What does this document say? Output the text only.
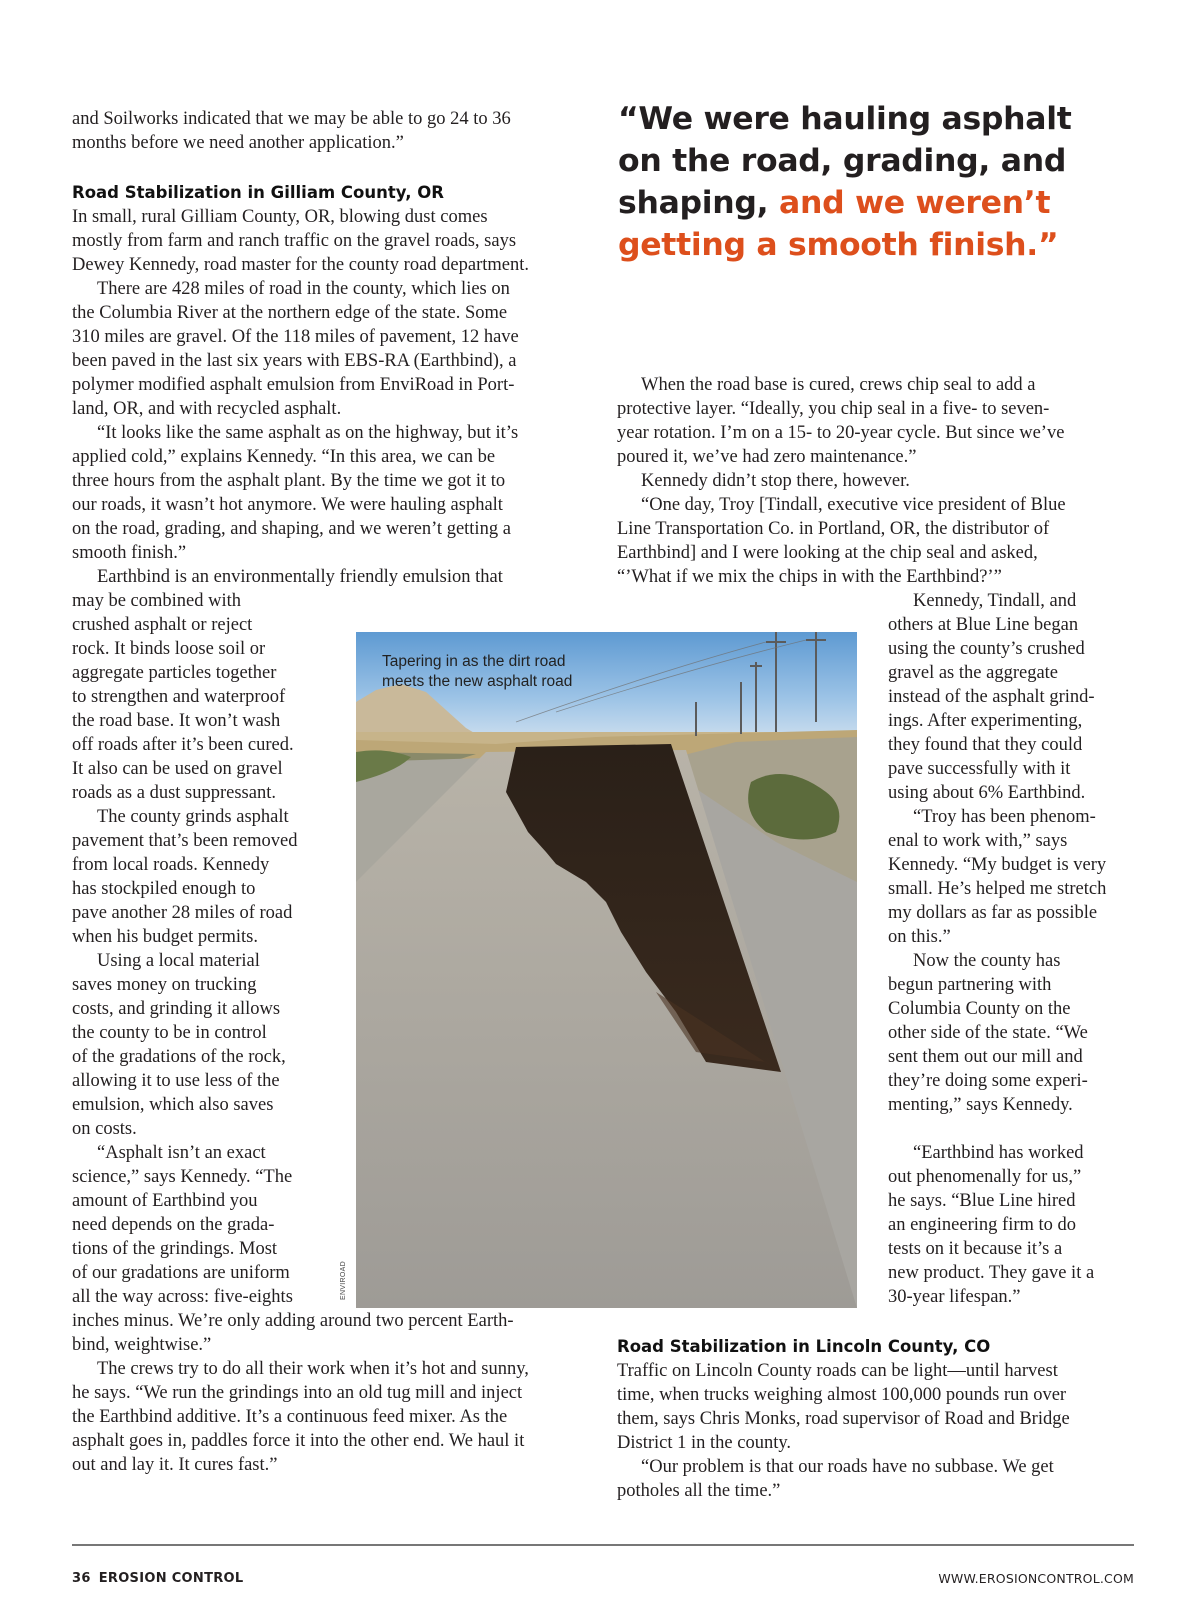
and Soilworks indicated that we may be able to go 24 to 36
months before we need another application.”
Road Stabilization in Gilliam County, OR
In small, rural Gilliam County, OR, blowing dust comes
mostly from farm and ranch traffic on the gravel roads, says
Dewey Kennedy, road master for the county road department.
There are 428 miles of road in the county, which lies on
the Columbia River at the northern edge of the state. Some
310 miles are gravel. Of the 118 miles of pavement, 12 have
been paved in the last six years with EBS-RA (Earthbind), a
polymer modified asphalt emulsion from EnviRoad in Port-
land, OR, and with recycled asphalt.
“It looks like the same asphalt as on the highway, but it’s
applied cold,” explains Kennedy. “In this area, we can be
three hours from the asphalt plant. By the time we got it to
our roads, it wasn’t hot anymore. We were hauling asphalt
on the road, grading, and shaping, and we weren’t getting a
smooth finish.”
Earthbind is an environmentally friendly emulsion that
may be combined with
crushed asphalt or reject
rock. It binds loose soil or
aggregate particles together
to strengthen and waterproof
the road base. It won’t wash
off roads after it’s been cured.
It also can be used on gravel
roads as a dust suppressant.
The county grinds asphalt
pavement that’s been removed
from local roads. Kennedy
has stockpiled enough to
pave another 28 miles of road
when his budget permits.
Using a local material
saves money on trucking
costs, and grinding it allows
the county to be in control
of the gradations of the rock,
allowing it to use less of the
emulsion, which also saves
on costs.
“Asphalt isn’t an exact
science,” says Kennedy. “The
amount of Earthbind you
need depends on the grada-
tions of the grindings. Most
of our gradations are uniform
all the way across: five-eights
inches minus. We’re only adding around two percent Earth-
bind, weightwise.”
The crews try to do all their work when it’s hot and sunny,
he says. “We run the grindings into an old tug mill and inject
the Earthbind additive. It’s a continuous feed mixer. As the
asphalt goes in, paddles force it into the other end. We haul it
out and lay it. It cures fast.”
“We were hauling asphalt
on the road, grading, and
shaping, and we weren’t
getting a smooth finish.”
When the road base is cured, crews chip seal to add a
protective layer. “Ideally, you chip seal in a five- to seven-
year rotation. I’m on a 15- to 20-year cycle. But since we’ve
poured it, we’ve had zero maintenance.”
Kennedy didn’t stop there, however.
“One day, Troy [Tindall, executive vice president of Blue
Line Transportation Co. in Portland, OR, the distributor of
Earthbind] and I were looking at the chip seal and asked,
“’What if we mix the chips in with the Earthbind?’”
Kennedy, Tindall, and
others at Blue Line began
using the county’s crushed
gravel as the aggregate
instead of the asphalt grind-
ings. After experimenting,
they found that they could
pave successfully with it
using about 6% Earthbind.
“Troy has been phenom-
enal to work with,” says
Kennedy. “My budget is very
small. He’s helped me stretch
my dollars as far as possible
on this.”
Now the county has
begun partnering with
Columbia County on the
other side of the state. “We
sent them out our mill and
they’re doing some experi-
menting,” says Kennedy.
“Earthbind has worked
out phenomenally for us,”
he says. “Blue Line hired
an engineering firm to do
tests on it because it’s a
new product. They gave it a
30-year lifespan.”
Road Stabilization in Lincoln County, CO
Traffic on Lincoln County roads can be light—until harvest
time, when trucks weighing almost 100,000 pounds run over
them, says Chris Monks, road supervisor of Road and Bridge
District 1 in the county.
“Our problem is that our roads have no subbase. We get
potholes all the time.”
Tapering in as the dirt road
meets the new asphalt road
ENVIROAD
36 EROSION CONTROL	WWW.EROSIONCONTROL.COM
